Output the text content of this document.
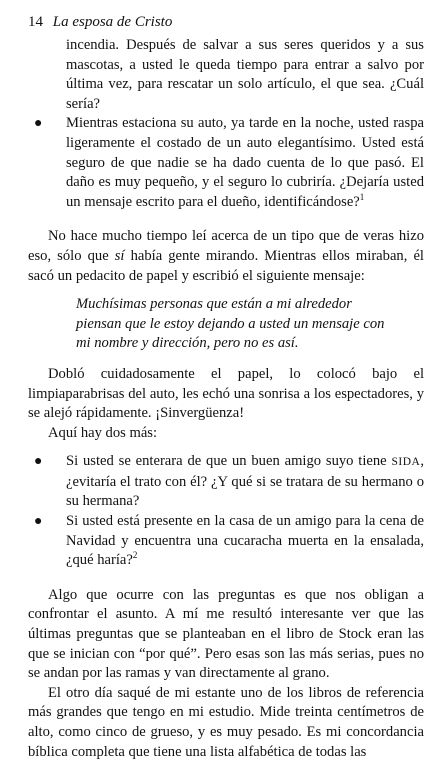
14 La esposa de Cristo

incendia. Después de salvar a sus seres queridos y a sus mascotas, a usted le queda tiempo para entrar a salvo por última vez, para rescatar un solo artículo, el que sea. ¿Cuál sería?

● Mientras estaciona su auto, ya tarde en la noche, usted raspa ligeramente el costado de un auto elegantísimo. Usted está seguro de que nadie se ha dado cuenta de lo que pasó. El daño es muy pequeño, y el seguro lo cubriría. ¿Dejaría usted un mensaje escrito para el dueño, identificándose?$^1$

No hace mucho tiempo leí acerca de un tipo que de veras hizo eso, sólo que sí había gente mirando. Mientras ellos miraban, él sacó un pedacito de papel y escribió el siguiente mensaje:

Muchísimas personas que están a mi alrededor piensan que le estoy dejando a usted un mensaje con mi nombre y dirección, pero no es así.

Dobló cuidadosamente el papel, lo colocó bajo el limpiaparabrisas del auto, les echó una sonrisa a los espectadores, y se alejó rápidamente. ¡Sinvergüenza!

Aquí hay dos más:

● Si usted se enterara de que un buen amigo suyo tiene SIDA, ¿evitaría el trato con él? ¿Y qué si se tratara de su hermano o su hermana?

● Si usted está presente en la casa de un amigo para la cena de Navidad y encuentra una cucaracha muerta en la ensalada, ¿qué haría?$^2$

Algo que ocurre con las preguntas es que nos obligan a confrontar el asunto. A mí me resultó interesante ver que las últimas preguntas que se planteaban en el libro de Stock eran las que se inician con “por qué”. Pero esas son las más serias, pues no se andan por las ramas y van directamente al grano.

El otro día saqué de mi estante uno de los libros de referencia más grandes que tengo en mi estudio. Mide treinta centímetros de alto, como cinco de grueso, y es muy pesado. Es mi concordancia bíblica completa que tiene una lista alfabética de todas las
